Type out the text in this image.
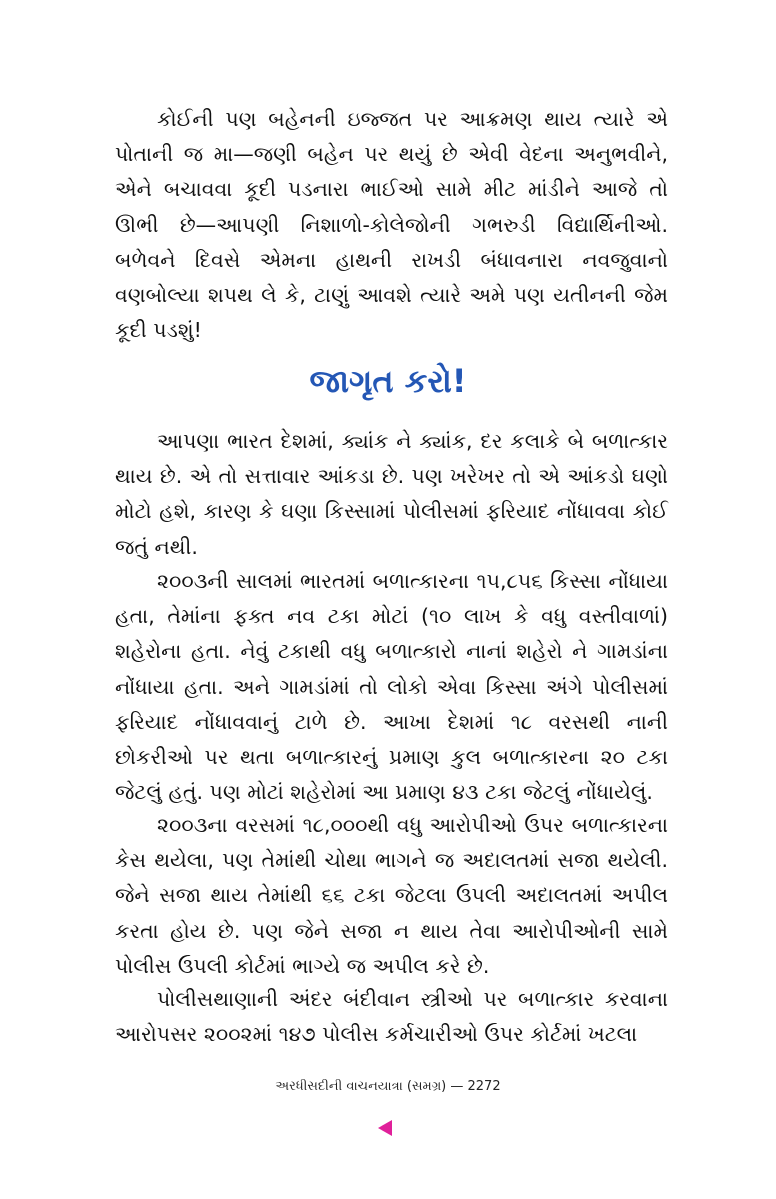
કોઈની પણ બહેનની ઇજ્જત પર આક્રમણ થાય ત્યારે એ પોતાની જ મા—જણી બહેન પર થયું છે એવી વેદના અનુભવીને, એને બચાવવા કૂદી પડનારા ભાઈઓ સામે મીટ માંડીને આજે તો ઊભી છે—આપણી નિશાળો-કોલેજોની ગભરુડી વિદ્યાર્થિનીઓ. બળેવને દિવસે એમના હાથની રાખડી બંધાવનારા નવજુવાનો વણબોલ્યા શપથ લે કે, ટાણું આવશે ત્યારે અમે પણ યતીનની જેમ કૂદી પડશું!

જાગૃત કરો!

આપણા ભારત દેશમાં, ક્યાંક ને ક્યાંક, દર કલાકે બે બળાત્કાર થાય છે. એ તો સત્તાવાર આંકડા છે. પણ ખરેખર તો એ આંકડો ઘણો મોટો હશે, કારણ કે ઘણા કિસ્સામાં પોલીસમાં ફરિયાદ નોંધાવવા કોઈ જતું નથી.

૨૦૦૩ની સાલમાં ભારતમાં બળાત્કારના ૧૫,૮૫૬ કિસ્સા નોંધાયા હતા, તેમાંના ફક્ત નવ ટકા મોટાં (૧૦ લાખ કે વધુ વસ્તીવાળાં) શહેરોના હતા. નેવું ટકાથી વધુ બળાત્કારો નાનાં શહેરો ને ગામડાંના નોંધાયા હતા. અને ગામડાંમાં તો લોકો એવા કિસ્સા અંગે પોલીસમાં ફરિયાદ નોંધાવવાનું ટાળે છે. આખા દેશમાં ૧૮ વરસથી નાની છોકરીઓ પર થતા બળાત્કારનું પ્રમાણ કુલ બળાત્કારના ૨૦ ટકા જેટલું હતું. પણ મોટાં શહેરોમાં આ પ્રમાણ ૪૩ ટકા જેટલું નોંધાયેલું.

૨૦૦૩ના વરસમાં ૧૮,૦૦૦થી વધુ આરોપીઓ ઉપર બળાત્કારના કેસ થયેલા, પણ તેમાંથી ચોથા ભાગને જ અદાલતમાં સજા થયેલી. જેને સજા થાય તેમાંથી ૬૬ ટકા જેટલા ઉપલી અદાલતમાં અપીલ કરતા હોય છે. પણ જેને સજા ન થાય તેવા આરોપીઓની સામે પોલીસ ઉપલી કોર્ટમાં ભાગ્યે જ અપીલ કરે છે.

પોલીસથાણાની અંદર બંદીવાન સ્ત્રીઓ પર બળાત્કાર કરવાના આરોપસર ૨૦૦૨માં ૧૪૭ પોલીસ કર્મચારીઓ ઉપર કોર્ટમાં ખટલા

અરધીસદીની વાચનયાત્રા (સમગ્ર) — 2272
